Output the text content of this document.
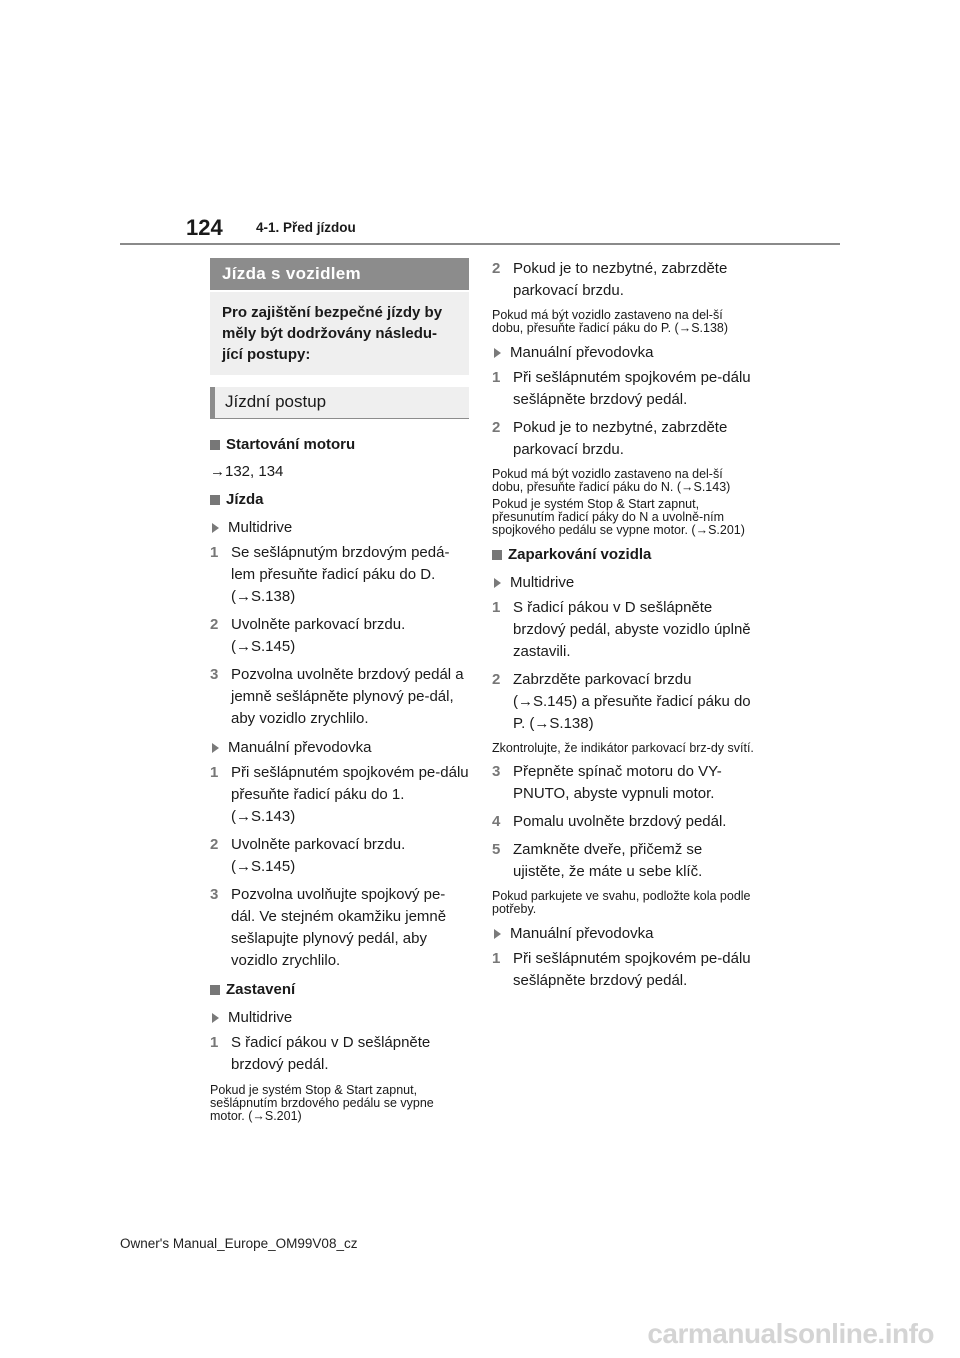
124 4-1. Před jízdou
Jízda s vozidlem
Pro zajištění bezpečné jízdy by měly být dodržovány následu-jící postupy:
Jízdní postup
Startování motoru
→132, 134
Jízda
Multidrive
1 Se sešlápnutým brzdovým pedá-lem přesuňte řadicí páku do D. (→S.138)
2 Uvolněte parkovací brzdu. (→S.145)
3 Pozvolna uvolněte brzdový pedál a jemně sešlápněte plynový pe-dál, aby vozidlo zrychlilo.
Manuální převodovka
1 Při sešlápnutém spojkovém pe-dálu přesuňte řadicí páku do 1. (→S.143)
2 Uvolněte parkovací brzdu. (→S.145)
3 Pozvolna uvolňujte spojkový pe-dál. Ve stejném okamžiku jemně sešlapujte plynový pedál, aby vozidlo zrychlilo.
Zastavení
Multidrive
1 S řadicí pákou v D sešlápněte brzdový pedál.
Pokud je systém Stop & Start zapnut, sešlápnutím brzdového pedálu se vypne motor. (→S.201)
2 Pokud je to nezbytné, zabrzděte parkovací brzdu.
Pokud má být vozidlo zastaveno na del-ší dobu, přesuňte řadicí páku do P. (→S.138)
Manuální převodovka
1 Při sešlápnutém spojkovém pe-dálu sešlápněte brzdový pedál.
2 Pokud je to nezbytné, zabrzděte parkovací brzdu.
Pokud má být vozidlo zastaveno na del-ší dobu, přesuňte řadicí páku do N. (→S.143)
Pokud je systém Stop & Start zapnut, přesunutím řadicí páky do N a uvolně-ním spojkového pedálu se vypne motor. (→S.201)
Zaparkování vozidla
Multidrive
1 S řadicí pákou v D sešlápněte brzdový pedál, abyste vozidlo úplně zastavili.
2 Zabrzděte parkovací brzdu (→S.145) a přesuňte řadicí páku do P. (→S.138)
Zkontrolujte, že indikátor parkovací brz-dy svítí.
3 Přepněte spínač motoru do VY-PNUTO, abyste vypnuli motor.
4 Pomalu uvolněte brzdový pedál.
5 Zamkněte dveře, přičemž se ujistěte, že máte u sebe klíč.
Pokud parkujete ve svahu, podložte kola podle potřeby.
Manuální převodovka
1 Při sešlápnutém spojkovém pe-dálu sešlápněte brzdový pedál.
Owner's Manual_Europe_OM99V08_cz
carmanualsonline.info
